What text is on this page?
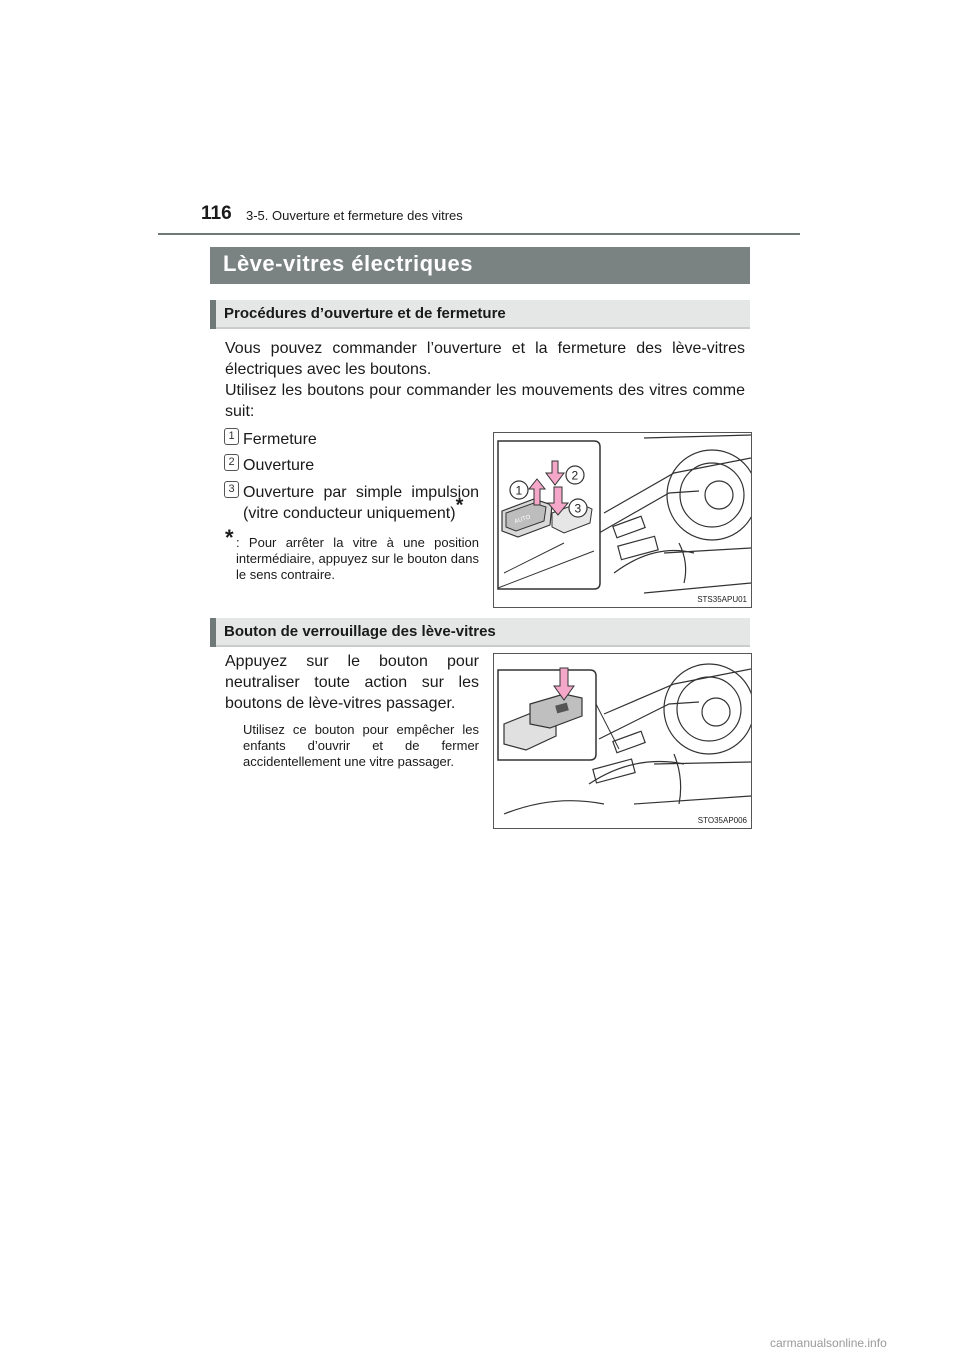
116 3-5. Ouverture et fermeture des vitres
Lève-vitres électriques
Procédures d’ouverture et de fermeture
Vous pouvez commander l’ouverture et la fermeture des lève-vitres électriques avec les boutons.
Utilisez les boutons pour commander les mouvements des vitres comme suit:
1 Fermeture
2 Ouverture
3 Ouverture par simple impulsion (vitre conducteur uniquement)*
* : Pour arrêter la vitre à une position intermédiaire, appuyez sur le bouton dans le sens contraire.
AUTO
1
2
3
STS35APU01
Bouton de verrouillage des lève-vitres
Appuyez sur le bouton pour neutraliser toute action sur les boutons de lève-vitres passager.
Utilisez ce bouton pour empêcher les enfants d’ouvrir et de fermer accidentellement une vitre passager.
STO35AP006
carmanualsonline.info
